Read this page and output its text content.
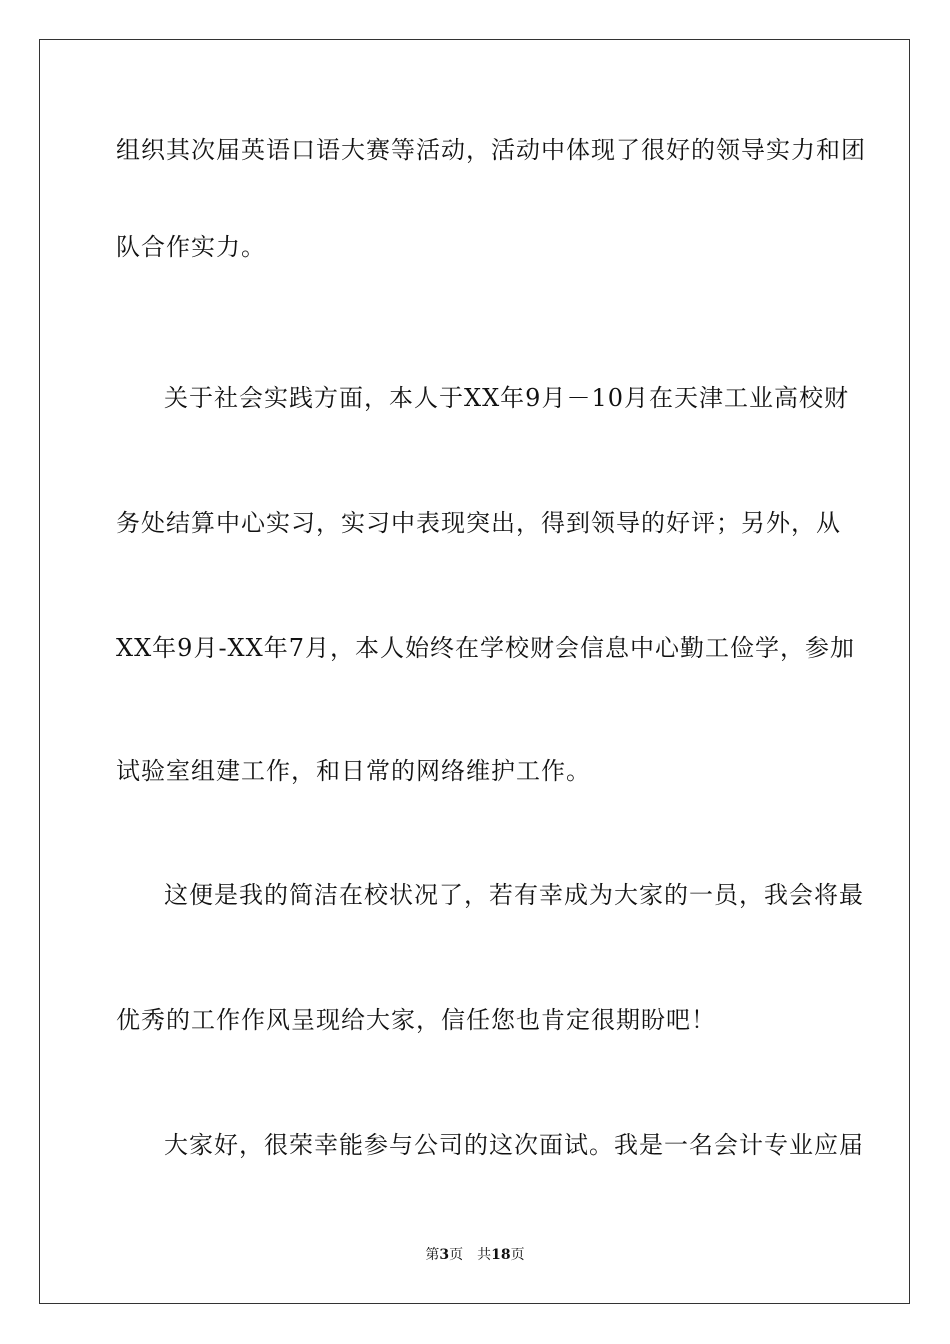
组织其次届英语口语大赛等活动，活动中体现了很好的领导实力和团
队合作实力。
关于社会实践方面，本人于XX年9月－10月在天津工业高校财
务处结算中心实习，实习中表现突出，得到领导的好评；另外，从
XX年9月-XX年7月，本人始终在学校财会信息中心勤工俭学，参加
试验室组建工作，和日常的网络维护工作。
这便是我的简洁在校状况了，若有幸成为大家的一员，我会将最
优秀的工作作风呈现给大家，信任您也肯定很期盼吧！
大家好，很荣幸能参与公司的这次面试。我是一名会计专业应届
第3页 共18页
